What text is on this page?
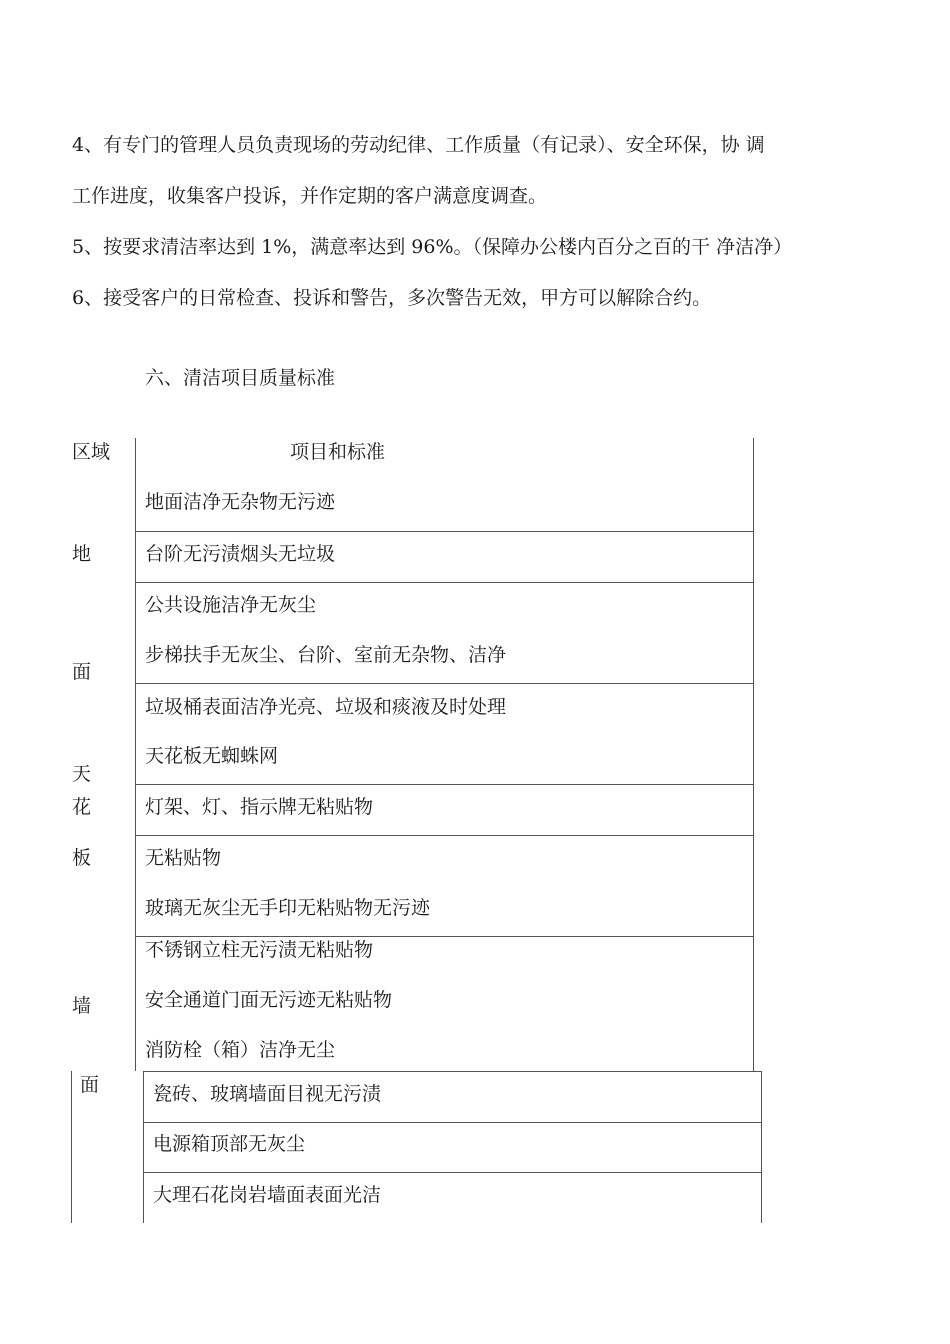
4、有专门的管理人员负责现场的劳动纪律、工作质量（有记录）、安全环保，协 调
工作进度，收集客户投诉，并作定期的客户满意度调查。
5、按要求清洁率达到 1%，满意率达到 96%。（保障办公楼内百分之百的干 净洁净）
6、接受客户的日常检查、投诉和警告，多次警告无效，甲方可以解除合约。
六、清洁项目质量标准
区域	项目和标准
地
面
天
花
板
墙
面
地面洁净无杂物无污迹
台阶无污渍烟头无垃圾
公共设施洁净无灰尘
步梯扶手无灰尘、台阶、室前无杂物、洁净
垃圾桶表面洁净光亮、垃圾和痰液及时处理
天花板无蜘蛛网
灯架、灯、指示牌无粘贴物
无粘贴物
玻璃无灰尘无手印无粘贴物无污迹
不锈钢立柱无污渍无粘贴物
安全通道门面无污迹无粘贴物
消防栓（箱）洁净无尘
瓷砖、玻璃墙面目视无污渍
电源箱顶部无灰尘
大理石花岗岩墙面表面光洁
